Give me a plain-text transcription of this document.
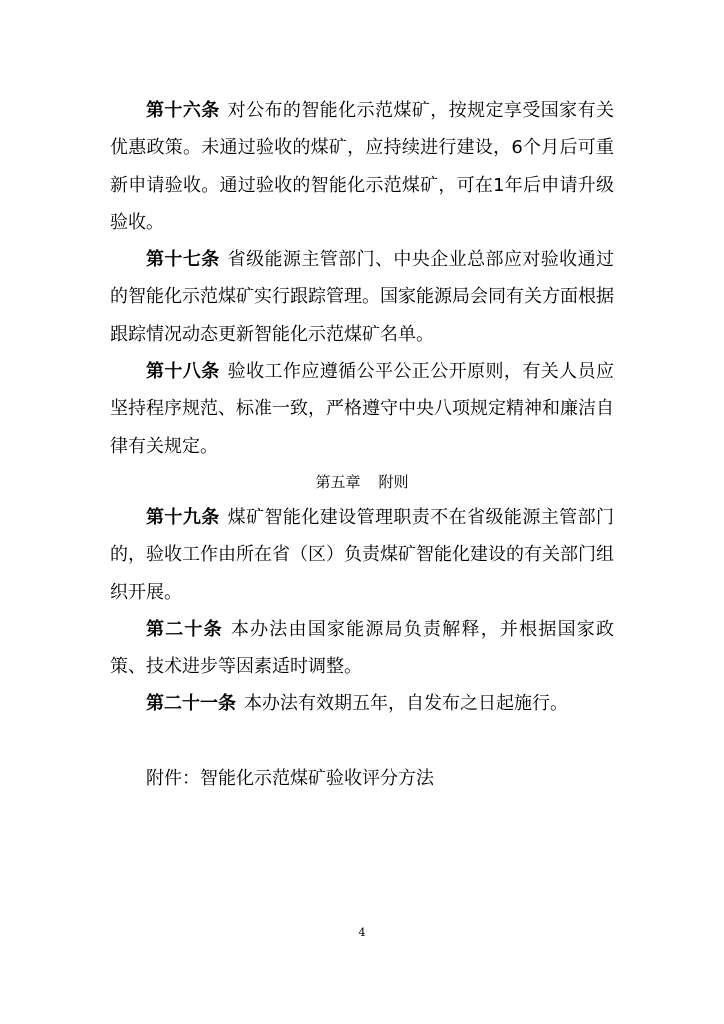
第十六条 对公布的智能化示范煤矿，按规定享受国家有关优惠政策。未通过验收的煤矿，应持续进行建设，6个月后可重新申请验收。通过验收的智能化示范煤矿，可在1年后申请升级验收。

第十七条 省级能源主管部门、中央企业总部应对验收通过的智能化示范煤矿实行跟踪管理。国家能源局会同有关方面根据跟踪情况动态更新智能化示范煤矿名单。

第十八条 验收工作应遵循公平公正公开原则，有关人员应坚持程序规范、标准一致，严格遵守中央八项规定精神和廉洁自律有关规定。

第五章 附则

第十九条 煤矿智能化建设管理职责不在省级能源主管部门的，验收工作由所在省（区）负责煤矿智能化建设的有关部门组织开展。

第二十条 本办法由国家能源局负责解释，并根据国家政策、技术进步等因素适时调整。

第二十一条 本办法有效期五年，自发布之日起施行。

附件：智能化示范煤矿验收评分方法

4
